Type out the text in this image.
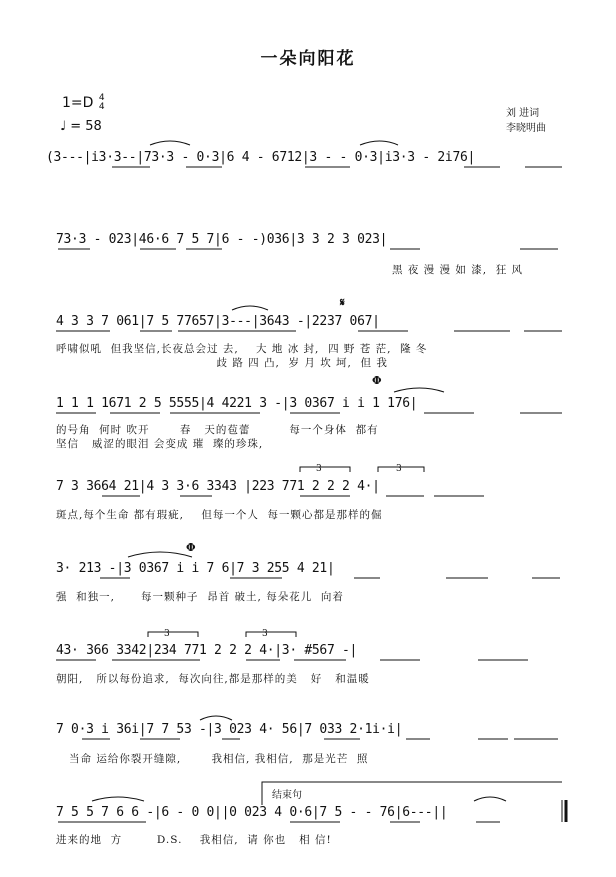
一朵向阳花
1=D 4
4
♩ = 58
刘 进词
李晓明曲
(3---|i3·3--|73·3 - 0·3|6 4 - 6712|3 - - 0·3|i3·3 - 2i76|
73·3 - 023|46·6 7 5 7|6 - -)036|3 3 2 3 023|
黑 夜 漫 漫 如 漆,  狂 风
𝄋
4 3 3 7 061|7 5 77657|3---|3643 -|2237 067|
呼啸似吼  但我坚信,长夜总会过 去,    大 地 冰 封,  四 野 苍 茫,  隆 冬
歧 路 四 凸,  岁 月 坎 坷,  但 我
Φ
1 1 1 1671 2 5 5555|4 4221 3 -|3 0367 i i 1 176|
的号角  何时 吹开       春   天的苞蕾         每一个身体  都有
坚信   威涩的眼泪 会变成 璀  璨的珍珠,
3	3
7 3 3664 21|4 3 3·6 3343 |223 771 2 2 2 4·|
斑点,每个生命 都有瑕疵,    但每一个人  每一颗心都是那样的倔
Φ
3· 213 -|3 0367 i i 7 6|7 3 255 4 21|
强  和独一,      每一颗种子  昂首 破土, 每朵花儿  向着
3	3
43· 366 3342|234 771 2 2 2 4·|3· #567 -|
朝阳,   所以每份追求,  每次向往,都是那样的美   好   和温暖
7 0·3 i 36i|7 7 53 -|3 023 4· 56|7 033 2·1i·i|
当命 运给你裂开缝隙,       我相信, 我相信,  那是光芒  照
结束句
7 5 5 7 6 6 -|6 - 0 0||0 023 4 0·6|7 5 - - 76|6---||
进来的地  方        D.S.    我相信,  请 你也   相 信!
